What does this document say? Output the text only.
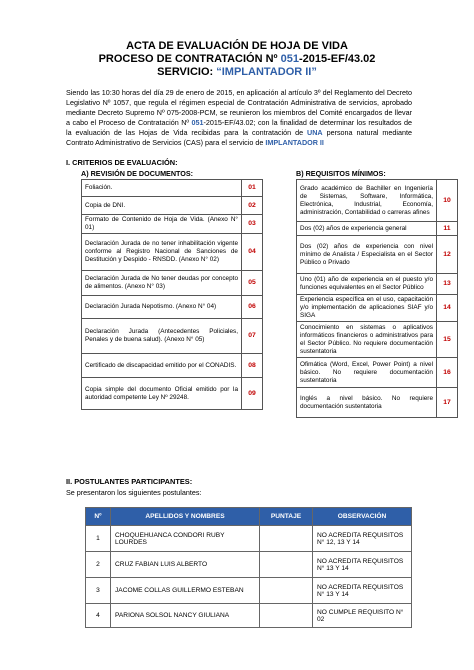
ACTA DE EVALUACIÓN DE HOJA DE VIDA
PROCESO DE CONTRATACIÓN Nº 051-2015-EF/43.02
SERVICIO: “IMPLANTADOR II”
Siendo las 10:30 horas del día 29 de enero de 2015, en aplicación al artículo 3º del Reglamento del Decreto Legislativo Nº 1057, que regula el régimen especial de Contratación Administrativa de servicios, aprobado mediante Decreto Supremo Nº 075-2008-PCM, se reunieron los miembros del Comité encargados de llevar a cabo el Proceso de Contratación Nº 051-2015-EF/43.02; con la finalidad de determinar los resultados de la evaluación de las Hojas de Vida recibidas para la contratación de UNA persona natural mediante Contrato Administrativo de Servicios (CAS) para el servicio de IMPLANTADOR II
I. CRITERIOS DE EVALUACIÓN:
A) REVISIÓN DE DOCUMENTOS:	B) REQUISITOS MÍNIMOS:
Foliación.	01
Copia de DNI.	02
Formato de Contenido de Hoja de Vida. (Anexo N° 01)	03
Declaración Jurada de no tener inhabilitación vigente conforme al Registro Nacional de Sanciones de Destitución y Despido - RNSDD. (Anexo N° 02)	04
Declaración Jurada de No tener deudas por concepto de alimentos. (Anexo N° 03)	05
Declaración Jurada Nepotismo. (Anexo N° 04)	06
Declaración Jurada (Antecedentes Policiales, Penales y de buena salud). (Anexo N° 05)	07
Certificado de discapacidad emitido por el CONADIS.	08
Copia simple del documento Oficial emitido por la autoridad competente Ley Nº 29248.	09
Grado académico de Bachiller en Ingeniería de Sistemas, Software, Informática, Electrónica, Industrial, Economía, administración, Contabilidad o carreras afines	10
Dos (02) años de experiencia general	11
Dos (02) años de experiencia con nivel mínimo de Analista / Especialista en el Sector Público o Privado	12
Uno (01) año de experiencia en el puesto y/o funciones equivalentes en el Sector Público	13
Experiencia específica en el uso, capacitación y/o implementación de aplicaciones SIAF y/o SIGA	14
Conocimiento en sistemas o aplicativos informáticos financieros o administrativos para el Sector Público. No requiere documentación sustentatoria	15
Ofimática (Word, Excel, Power Point) a nivel básico. No requiere documentación sustentatoria	16
Inglés a nivel básico. No requiere documentación sustentatoria	17
II. POSTULANTES PARTICIPANTES:
Se presentaron los siguientes postulantes:
Nº	APELLIDOS Y NOMBRES	PUNTAJE	OBSERVACIÓN
1	CHOQUEHUANCA CONDORI RUBY LOURDES		NO ACREDITA REQUISITOS N° 12, 13 Y 14
2	CRUZ FABIAN LUIS ALBERTO		NO ACREDITA REQUISITOS N° 13 Y 14
3	JACOME COLLAS GUILLERMO ESTEBAN		NO ACREDITA REQUISITOS N° 13 Y 14
4	PARIONA SOLSOL NANCY GIULIANA		NO CUMPLE REQUISITO N° 02
